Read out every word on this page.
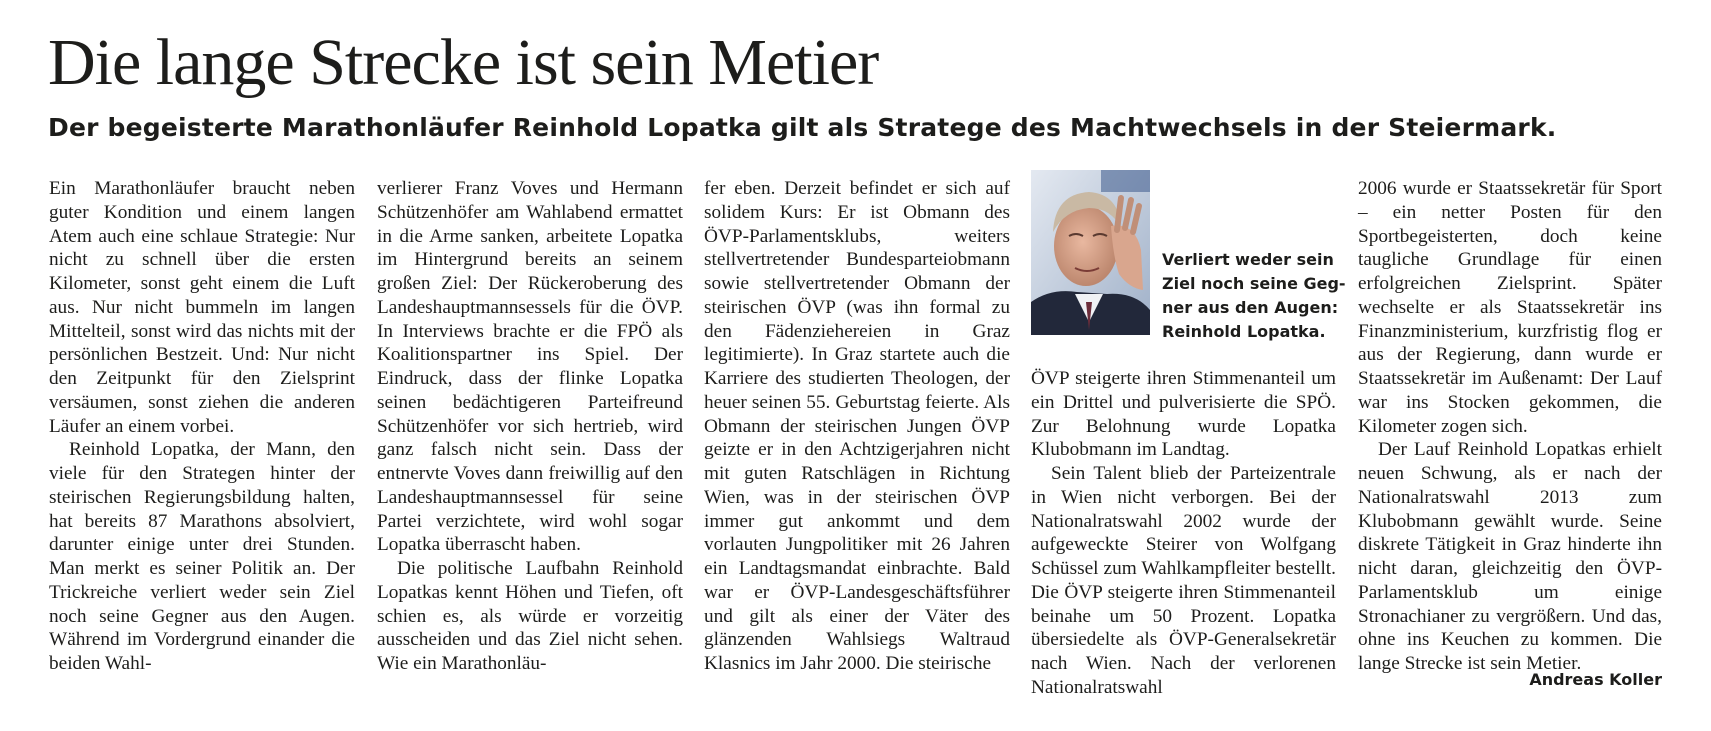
Die lange Strecke ist sein Metier
Der begeisterte Marathonläufer Reinhold Lopatka gilt als Stratege des Machtwechsels in der Steiermark.

Ein Marathonläufer braucht neben guter Kondition und einem langen Atem auch eine schlaue Strategie: Nur nicht zu schnell über die ersten Kilometer, sonst geht einem die Luft aus. Nur nicht bummeln im langen Mittelteil, sonst wird das nichts mit der persönlichen Bestzeit. Und: Nur nicht den Zeitpunkt für den Zielsprint versäumen, sonst ziehen die anderen Läufer an einem vorbei.

Reinhold Lopatka, der Mann, den viele für den Strategen hinter der steirischen Regierungsbildung halten, hat bereits 87 Marathons absolviert, darunter einige unter drei Stunden. Man merkt es seiner Politik an. Der Trickreiche verliert weder sein Ziel noch seine Gegner aus den Augen. Während im Vordergrund einander die beiden Wahl-

verlierer Franz Voves und Hermann Schützenhöfer am Wahlabend ermattet in die Arme sanken, arbeitete Lopatka im Hintergrund bereits an seinem großen Ziel: Der Rückeroberung des Landeshauptmannsessels für die ÖVP. In Interviews brachte er die FPÖ als Koalitionspartner ins Spiel. Der Eindruck, dass der flinke Lopatka seinen bedächtigeren Parteifreund Schützenhöfer vor sich hertrieb, wird ganz falsch nicht sein. Dass der entnervte Voves dann freiwillig auf den Landeshauptmannsessel für seine Partei verzichtete, wird wohl sogar Lopatka überrascht haben.

Die politische Laufbahn Reinhold Lopatkas kennt Höhen und Tiefen, oft schien es, als würde er vorzeitig ausscheiden und das Ziel nicht sehen. Wie ein Marathonläu-

fer eben. Derzeit befindet er sich auf solidem Kurs: Er ist Obmann des ÖVP-Parlamentsklubs, weiters stellvertretender Bundesparteiobmann sowie stellvertretender Obmann der steirischen ÖVP (was ihn formal zu den Fädenziehereien in Graz legitimierte). In Graz startete auch die Karriere des studierten Theologen, der heuer seinen 55. Geburtstag feierte. Als Obmann der steirischen Jungen ÖVP geizte er in den Achtzigerjahren nicht mit guten Ratschlägen in Richtung Wien, was in der steirischen ÖVP immer gut ankommt und dem vorlauten Jungpolitiker mit 26 Jahren ein Landtagsmandat einbrachte. Bald war er ÖVP-Landesgeschäftsführer und gilt als einer der Väter des glänzenden Wahlsiegs Waltraud Klasnics im Jahr 2000. Die steirische

Verliert weder sein
Ziel noch seine Geg-
ner aus den Augen:
Reinhold Lopatka.

ÖVP steigerte ihren Stimmenanteil um ein Drittel und pulverisierte die SPÖ. Zur Belohnung wurde Lopatka Klubobmann im Landtag.

Sein Talent blieb der Parteizentrale in Wien nicht verborgen. Bei der Nationalratswahl 2002 wurde der aufgeweckte Steirer von Wolfgang Schüssel zum Wahlkampfleiter bestellt. Die ÖVP steigerte ihren Stimmenanteil beinahe um 50 Prozent. Lopatka übersiedelte als ÖVP-Generalsekretär nach Wien. Nach der verlorenen Nationalratswahl

2006 wurde er Staatssekretär für Sport – ein netter Posten für den Sportbegeisterten, doch keine taugliche Grundlage für einen erfolgreichen Zielsprint. Später wechselte er als Staatssekretär ins Finanzministerium, kurzfristig flog er aus der Regierung, dann wurde er Staatssekretär im Außenamt: Der Lauf war ins Stocken gekommen, die Kilometer zogen sich.

Der Lauf Reinhold Lopatkas erhielt neuen Schwung, als er nach der Nationalratswahl 2013 zum Klubobmann gewählt wurde. Seine diskrete Tätigkeit in Graz hinderte ihn nicht daran, gleichzeitig den ÖVP-Parlamentsklub um einige Stronachianer zu vergrößern. Und das, ohne ins Keuchen zu kommen. Die lange Strecke ist sein Metier.

Andreas Koller
